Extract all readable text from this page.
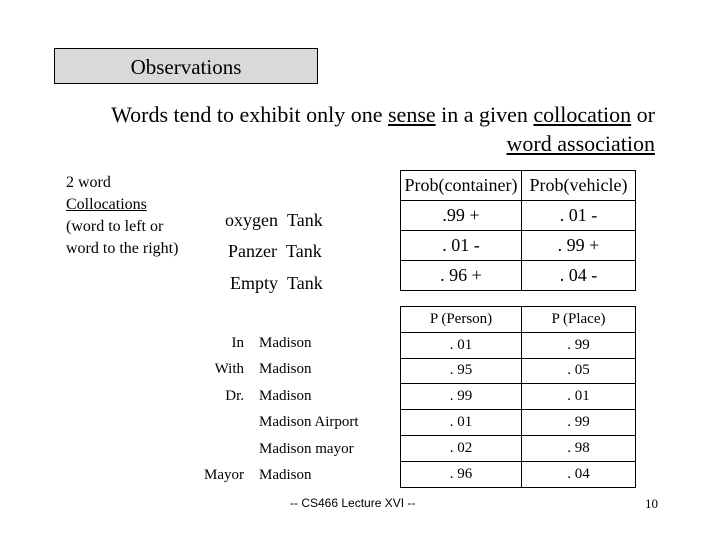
Observations
Words tend to exhibit only one sense in a given collocation or
word association
2 word
Collocations
(word to left or word to the right)
oxygen Tank
Panzer Tank
Empty Tank
Prob(container)	Prob(vehicle)
.99 +	. 01 -
. 01 -	. 99 +
. 96 +	. 04 -
In Madison
With Madison
Dr. Madison
Madison Airport
Madison mayor
Mayor Madison
P (Person)	P (Place)
. 01	. 99
. 95	. 05
. 99	. 01
. 01	. 99
. 02	. 98
. 96	. 04
-- CS466 Lecture XVI --	10
